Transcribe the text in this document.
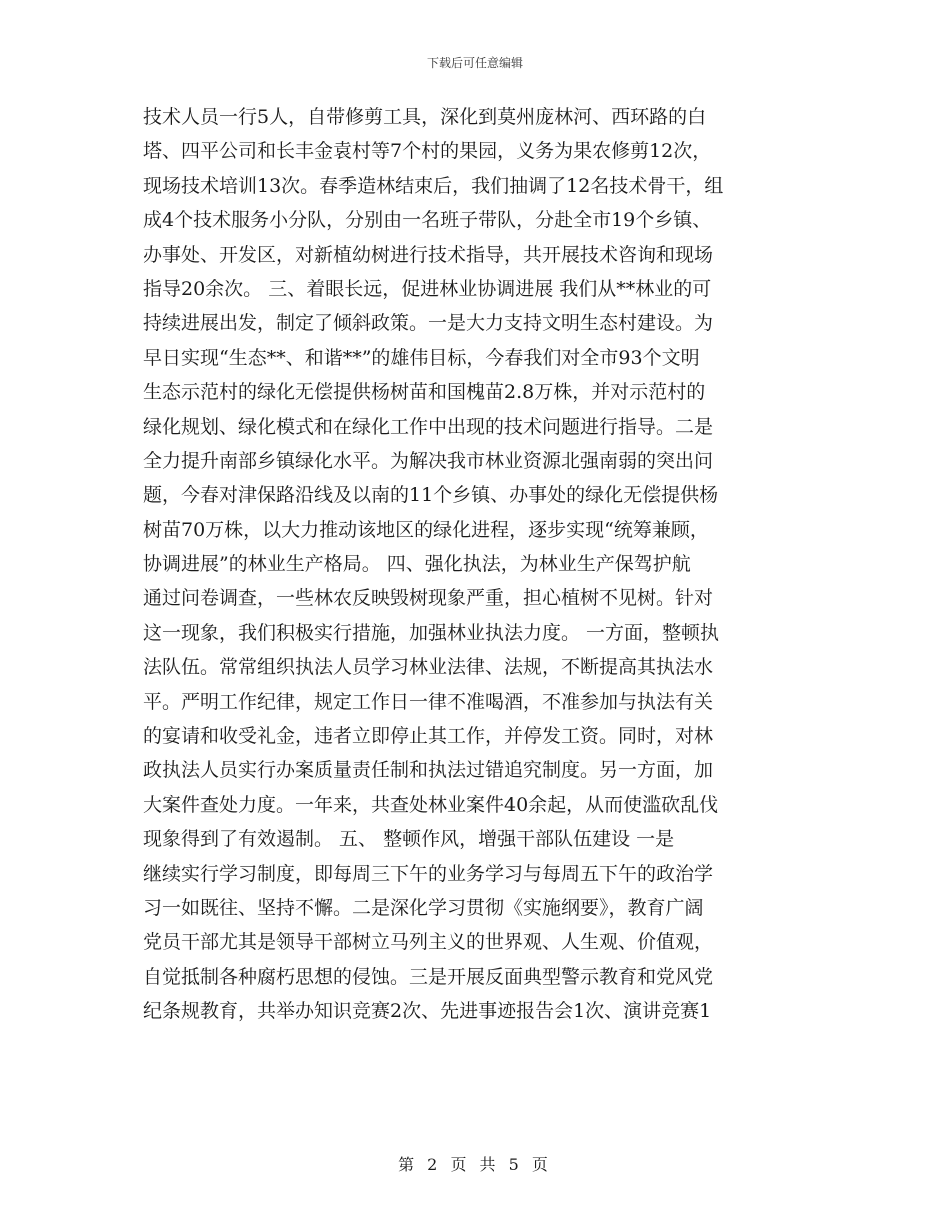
下载后可任意编辑
技术人员一行5人，自带修剪工具，深化到莫州庞林河、西环路的白
塔、四平公司和长丰金袁村等7个村的果园，义务为果农修剪12次，
现场技术培训13次。春季造林结束后，我们抽调了12名技术骨干，组
成4个技术服务小分队，分别由一名班子带队，分赴全市19个乡镇、
办事处、开发区，对新植幼树进行技术指导，共开展技术咨询和现场
指导20余次。 三、着眼长远，促进林业协调进展 我们从**林业的可
持续进展出发，制定了倾斜政策。一是大力支持文明生态村建设。为
早日实现“生态**、和谐**”的雄伟目标，今春我们对全市93个文明
生态示范村的绿化无偿提供杨树苗和国槐苗2.8万株，并对示范村的
绿化规划、绿化模式和在绿化工作中出现的技术问题进行指导。二是
全力提升南部乡镇绿化水平。为解决我市林业资源北强南弱的突出问
题，今春对津保路沿线及以南的11个乡镇、办事处的绿化无偿提供杨
树苗70万株，以大力推动该地区的绿化进程，逐步实现“统筹兼顾，
协调进展”的林业生产格局。 四、强化执法，为林业生产保驾护航
通过问卷调查，一些林农反映毁树现象严重，担心植树不见树。针对
这一现象，我们积极实行措施，加强林业执法力度。 一方面，整顿执
法队伍。常常组织执法人员学习林业法律、法规，不断提高其执法水
平。严明工作纪律，规定工作日一律不准喝酒，不准参加与执法有关
的宴请和收受礼金，违者立即停止其工作，并停发工资。同时，对林
政执法人员实行办案质量责任制和执法过错追究制度。另一方面，加
大案件查处力度。一年来，共查处林业案件40余起，从而使滥砍乱伐
现象得到了有效遏制。 五、 整顿作风，增强干部队伍建设 一是
继续实行学习制度，即每周三下午的业务学习与每周五下午的政治学
习一如既往、坚持不懈。二是深化学习贯彻《实施纲要》，教育广阔
党员干部尤其是领导干部树立马列主义的世界观、人生观、价值观，
自觉抵制各种腐朽思想的侵蚀。三是开展反面典型警示教育和党风党
纪条规教育，共举办知识竞赛2次、先进事迹报告会1次、演讲竞赛1
第 2 页 共 5 页
